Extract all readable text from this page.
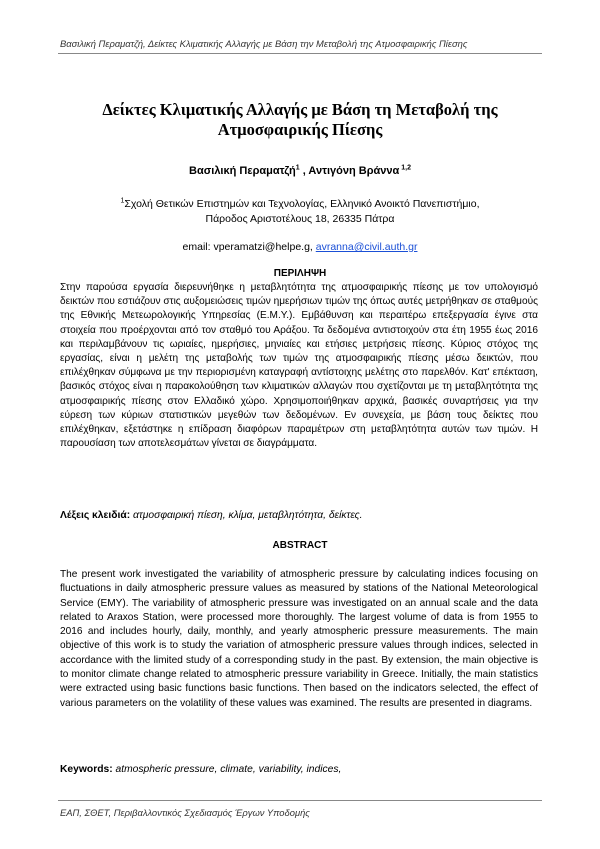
Βασιλική Περαματζή, Δείκτες Κλιματικής Αλλαγής με Βάση την Μεταβολή της Ατμοσφαιρικής Πίεσης
Δείκτες Κλιματικής Αλλαγής με Βάση τη Μεταβολή της
Ατμοσφαιρικής Πίεσης
Βασιλική Περαματζή$^1$ , Αντιγόνη Βράννα $^{1,2}$
$^1$Σχολή Θετικών Επιστημών και Τεχνολογίας, Ελληνικό Ανοικτό Πανεπιστήμιο,
Πάροδος Αριστοτέλους 18, 26335 Πάτρα
email: vperamatzi@helpe.g, avranna@civil.auth.gr
ΠΕΡΙΛΗΨΗ

Στην παρούσα εργασία διερευνήθηκε η μεταβλητότητα της ατμοσφαιρικής πίεσης με τον υπολογισμό δεικτών που εστιάζουν στις αυξομειώσεις τιμών ημερήσιων τιμών της όπως αυτές μετρήθηκαν σε σταθμούς της Εθνικής Μετεωρολογικής Υπηρεσίας (Ε.Μ.Υ.). Εμβάθυνση και περαιτέρω επεξεργασία έγινε στα στοιχεία που προέρχονται από τον σταθμό του Αράξου. Τα δεδομένα αντιστοιχούν στα έτη 1955 έως 2016 και περιλαμβάνουν τις ωριαίες, ημερήσιες, μηνιαίες και ετήσιες μετρήσεις πίεσης. Κύριος στόχος της εργασίας, είναι η μελέτη της μεταβολής των τιμών της ατμοσφαιρικής πίεσης μέσω δεικτών, που επιλέχθηκαν σύμφωνα με την περιορισμένη καταγραφή αντίστοιχης μελέτης στο παρελθόν. Κατ' επέκταση, βασικός στόχος είναι η παρακολούθηση των κλιματικών αλλαγών που σχετίζονται με τη μεταβλητότητα της ατμοσφαιρικής πίεσης στον Ελλαδικό χώρο. Χρησιμοποιήθηκαν αρχικά, βασικές συναρτήσεις για την εύρεση των κύριων στατιστικών μεγεθών των δεδομένων. Εν συνεχεία, με βάση τους δείκτες που επιλέχθηκαν, εξετάστηκε η επίδραση διαφόρων παραμέτρων στη μεταβλητότητα αυτών των τιμών. Η παρουσίαση των αποτελεσμάτων γίνεται σε διαγράμματα.

Λέξεις κλειδιά: ατμοσφαιρική πίεση, κλίμα, μεταβλητότητα, δείκτες.
ABSTRACT

The present work investigated the variability of atmospheric pressure by calculating indices focusing on fluctuations in daily atmospheric pressure values as measured by stations of the National Meteorological Service (EMY). The variability of atmospheric pressure was investigated on an annual scale and the data related to Araxos Station, were processed more thoroughly. The largest volume of data is from 1955 to 2016 and includes hourly, daily, monthly, and yearly atmospheric pressure measurements. The main objective of this work is to study the variation of atmospheric pressure values through indices, selected in accordance with the limited study of a corresponding study in the past. By extension, the main objective is to monitor climate change related to atmospheric pressure variability in Greece. Initially, the main statistics were extracted using basic functions basic functions. Then based on the indicators selected, the effect of various parameters on the volatility of these values was examined. The results are presented in diagrams.

Keywords: atmospheric pressure, climate, variability, indices,
ΕΑΠ, ΣΘΕΤ, Περιβαλλοντικός Σχεδιασμός Έργων Υποδομής
